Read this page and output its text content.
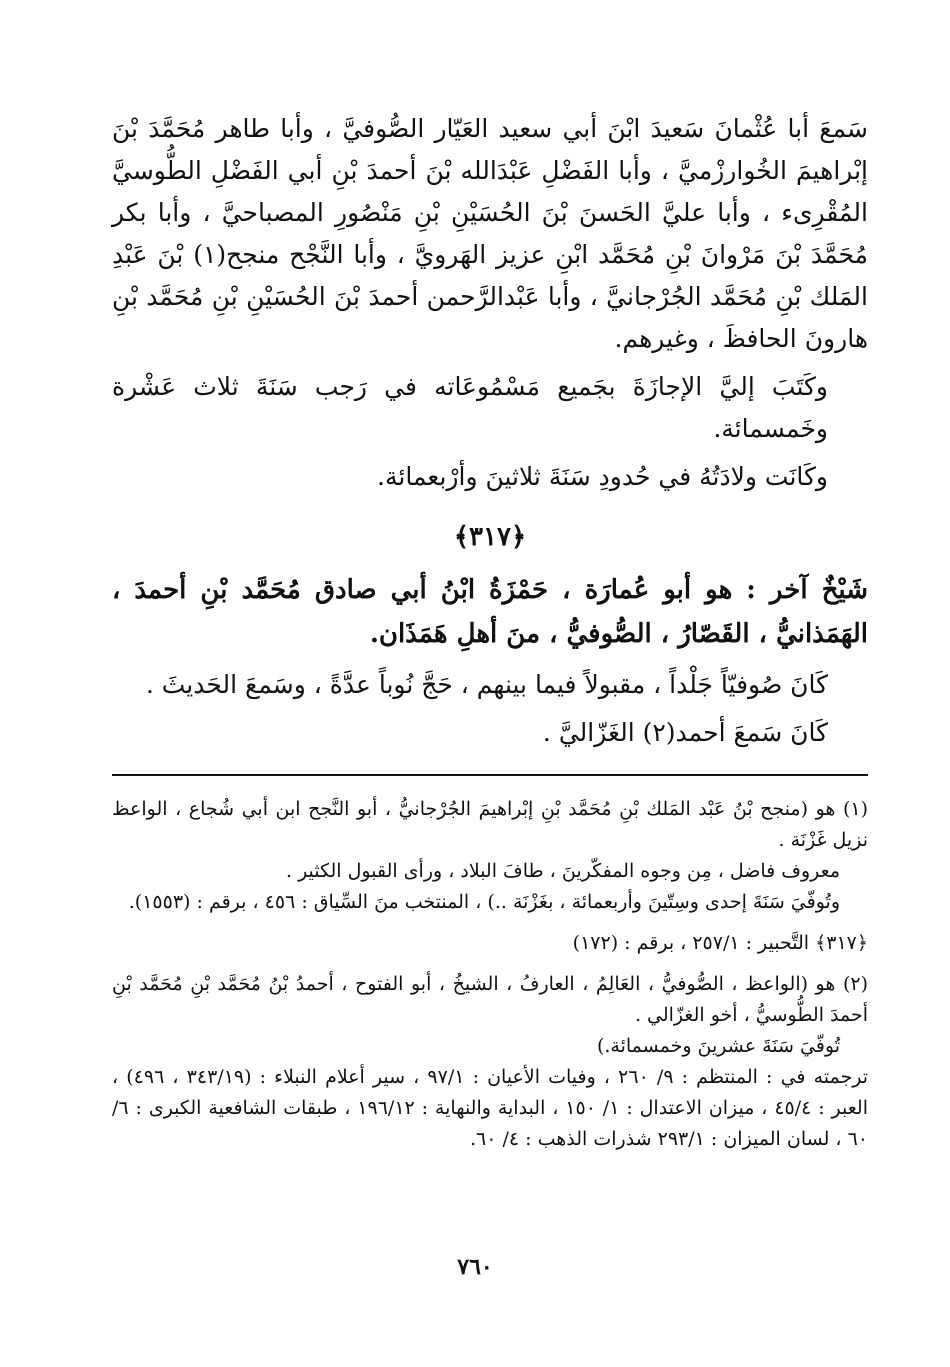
سَمعَ أبا عُثْمانَ سَعيدَ ابْنَ أبي سعيد العَيّار الصُّوفيَّ ، وأبا طاهر مُحَمَّدَ بْنَ إبْراهيمَ الخُوارزْميَّ ، وأبا الفَضْلِ عَبْدَالله بْنَ أحمدَ بْنِ أبي الفَضْلِ الطُّوسيَّ المُقْرِىء ، وأبا عليَّ الحَسنَ بْنَ الحُسَيْنِ بْنِ مَنْصُورِ المصباحيَّ ، وأبا بكر مُحَمَّدَ بْنَ مَرْوانَ بْنِ مُحَمَّد ابْنِ عزيز الهَرويَّ ، وأبا النَّجْح منجح(١) بْنَ عَبْدِ المَلك بْنِ مُحَمَّد الجُرْجانيَّ ، وأبا عَبْدالرَّحمن أحمدَ بْنَ الحُسَيْنِ بْنِ مُحَمَّد بْنِ هارونَ الحافظَ ، وغيرهم.

وكَتَبَ إليَّ الإجازَةَ بجَميع مَسْمُوعَاته في رَجب سَنَةَ ثلاث عَشْرة وخَمسمائة.

وكَانَت ولادَتُهُ في حُدودِ سَنَةَ ثلاثينَ وأرْبعمائة.

﴿٣١٧﴾

شَيْخٌ آخر : هو أبو عُمارَة ، حَمْزَةُ ابْنُ أبي صادق مُحَمَّد بْنِ أحمدَ ، الهَمَذانيُّ ، القَصّارُ ، الصُّوفيُّ ، منَ أهلِ هَمَذَان.

كَانَ صُوفيّاً جَلْداً ، مقبولاً فيما بينهم ، حَجَّ نُوباً عدَّةً ، وسَمعَ الحَديثَ .

كَانَ سَمعَ أحمد(٢) الغَزّاليَّ .

(١) هو (منجح بْنُ عَبْد المَلك بْنِ مُحَمَّد بْنِ إبْراهيمَ الجُرْجانيُّ ، أبو النَّجح ابن أبي شُجاع ، الواعظ نزيل غَزْنَة .

معروف فاضل ، مِن وجوه المفكّرينَ ، طافَ البلاد ، ورأى القبول الكثير .

وتُوفّيَ سَنَةَ إحدى وسِتّينَ وأربعمائة ، بغَزْنَة ..) ، المنتخب منَ السِّياق : ٤٥٦ ، برقم : (١٥٥٣).

﴿٣١٧﴾ التَّحبير : ٢٥٧/١ ، برقم : (١٧٢)

(٢) هو (الواعظ ، الصُّوفيُّ ، العَالِمُ ، العارفُ ، الشيخُ ، أبو الفتوح ، أحمدُ بْنُ مُحَمَّد بْنِ مُحَمَّد بْنِ أحمدَ الطُّوسيُّ ، أخو الغزّالي .

تُوفّيَ سَنَةَ عشرينَ وخمسمائة.)

ترجمته في : المنتظم : ٩/ ٢٦٠ ، وفيات الأعيان : ٩٧/١ ، سير أعلام النبلاء : (٣٤٣/١٩ ، ٤٩٦) ، العبر : ٤٥/٤ ، ميزان الاعتدال : ١/ ١٥٠ ، البداية والنهاية : ١٩٦/١٢ ، طبقات الشافعية الكبرى : ٦/ ٦٠ ، لسان الميزان : ٢٩٣/١ شذرات الذهب : ٤/ ٦٠.

٧٦٠
